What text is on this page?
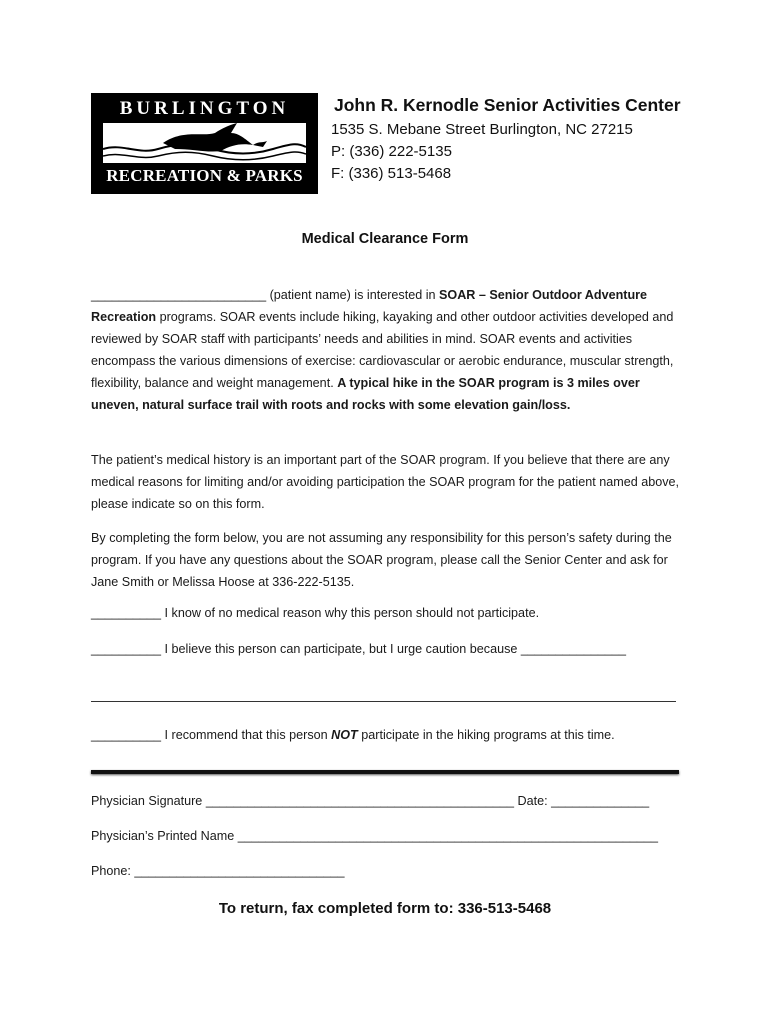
BURLINGTON
RECREATION & PARKS
John R. Kernodle Senior Activities Center
1535 S. Mebane Street Burlington, NC 27215
P: (336) 222-5135
F: (336) 513-5468
Medical Clearance Form
_________________________ (patient name) is interested in SOAR – Senior Outdoor Adventure Recreation programs. SOAR events include hiking, kayaking and other outdoor activities developed and reviewed by SOAR staff with participants’ needs and abilities in mind. SOAR events and activities encompass the various dimensions of exercise: cardiovascular or aerobic endurance, muscular strength, flexibility, balance and weight management. A typical hike in the SOAR program is 3 miles over uneven, natural surface trail with roots and rocks with some elevation gain/loss.
The patient’s medical history is an important part of the SOAR program. If you believe that there are any medical reasons for limiting and/or avoiding participation the SOAR program for the patient named above, please indicate so on this form.
By completing the form below, you are not assuming any responsibility for this person’s safety during the program. If you have any questions about the SOAR program, please call the Senior Center and ask for Jane Smith or Melissa Hoose at 336-222-5135.
__________ I know of no medical reason why this person should not participate.
__________ I believe this person can participate, but I urge caution because _______________
__________ I recommend that this person NOT participate in the hiking programs at this time.
Physician Signature ____________________________________________ Date: ______________
Physician’s Printed Name ____________________________________________________________
Phone: ______________________________
To return, fax completed form to: 336-513-5468
